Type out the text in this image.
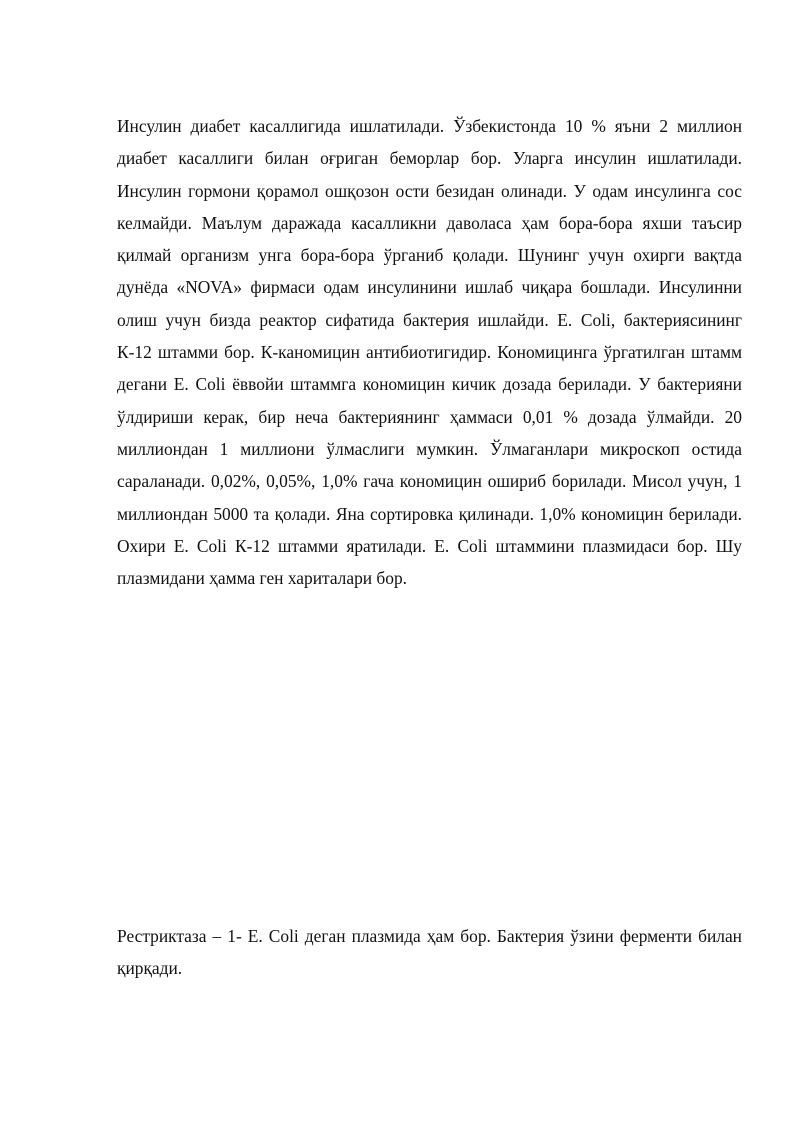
Инсулин диабет касаллигида ишлатилади. Ўзбекистонда 10 % яъни 2 миллион диабет касаллиги билан оғриган беморлар бор. Уларга инсулин ишлатилади. Инсулин гормони қорамол ошқозон ости безидан олинади. У одам инсулинга сос келмайди. Маълум даражада касалликни даволаса ҳам бора-бора яхши таъсир қилмай организм унга бора-бора ўрганиб қолади. Шунинг учун охирги вақтда дунёда «NOVA» фирмаси одам инсулинини ишлаб чиқара бошлади. Инсулинни олиш учун бизда реактор сифатида бактерия ишлайди. E. Coli, бактериясининг К-12 штамми бор. К-каномицин антибиотигидир. Кономицинга ўргатилган штамм дегани E. Coli ёввойи штаммга кономицин кичик дозада берилади. У бактерияни ўлдириши керак, бир неча бактериянинг ҳаммаси 0,01 % дозада ўлмайди. 20 миллиондан 1 миллиони ўлмаслиги мумкин. Ўлмаганлари микроскоп остида сараланади. 0,02%, 0,05%, 1,0% гача кономицин ошириб борилади. Мисол учун, 1 миллиондан 5000 та қолади. Яна сортировка қилинади. 1,0% кономицин берилади. Охири E. Coli К-12 штамми яратилади. E. Coli штаммини плазмидаси бор. Шу плазмидани ҳамма ген хариталари бор.

Рестриктаза – 1- E. Coli деган плазмида ҳам бор. Бактерия ўзини ферменти билан қирқади.
